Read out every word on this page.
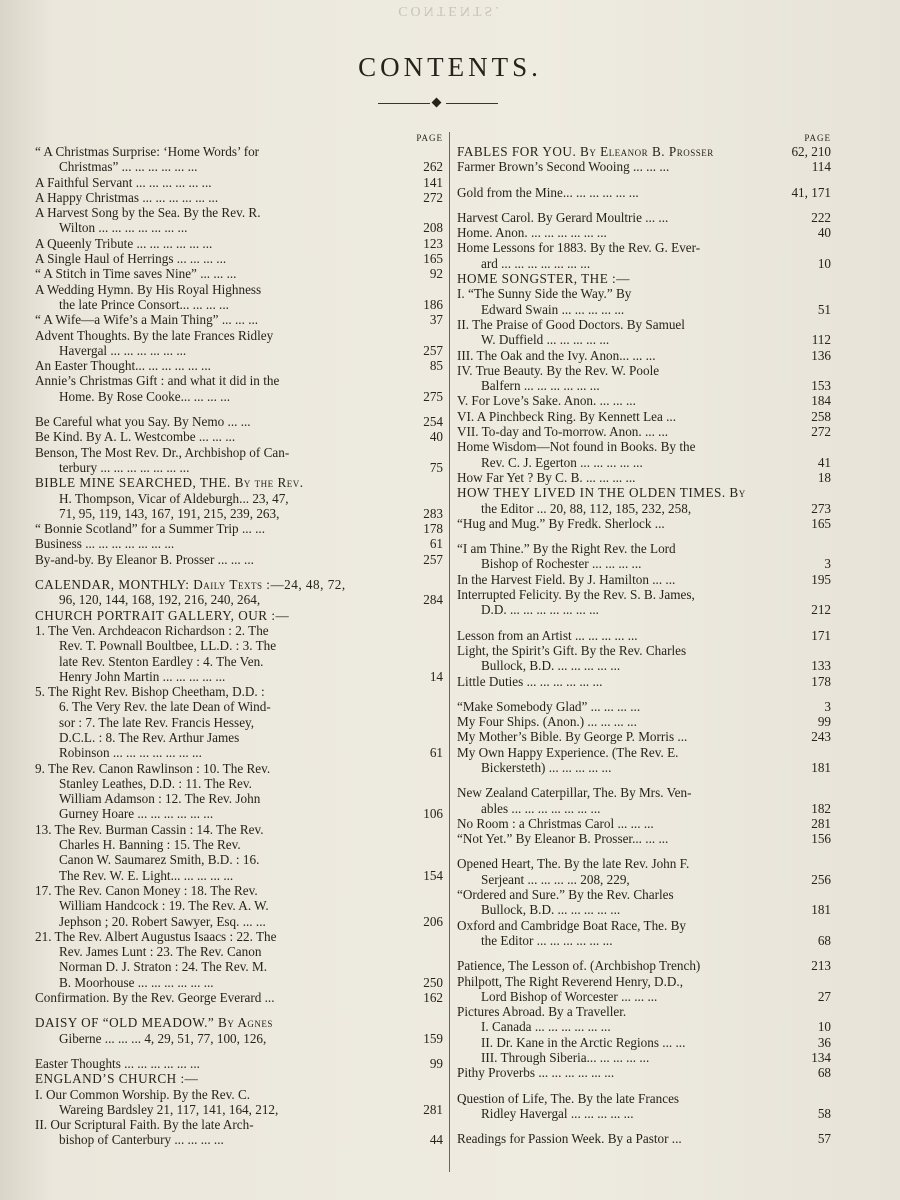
CONTENTS.
CONTENTS.
PAGE
“ A Christmas Surprise: ‘Home Words’ for
Christmas” ... ... ... ... ... ...	262
A Faithful Servant ... ... ... ... ... ...	141
A Happy Christmas ... ... ... ... ... ...	272
A Harvest Song by the Sea. By the Rev. R.
Wilton ... ... ... ... ... ... ...	208
A Queenly Tribute ... ... ... ... ... ...	123
A Single Haul of Herrings ... ... ... ...	165
“ A Stitch in Time saves Nine” ... ... ...	92
A Wedding Hymn. By His Royal Highness
the late Prince Consort... ... ... ...	186
“ A Wife—a Wife’s a Main Thing” ... ... ...	37
Advent Thoughts. By the late Frances Ridley
Havergal ... ... ... ... ... ...	257
An Easter Thought... ... ... ... ... ...	85
Annie’s Christmas Gift : and what it did in the
Home. By Rose Cooke... ... ... ...	275
Be Careful what you Say. By Nemo ... ...	254
Be Kind. By A. L. Westcombe ... ... ...	40
Benson, The Most Rev. Dr., Archbishop of Can-
terbury ... ... ... ... ... ... ...	75
BIBLE MINE SEARCHED, THE. By the Rev.
H. Thompson, Vicar of Aldeburgh... 23, 47,
71, 95, 119, 143, 167, 191, 215, 239, 263,	283
“ Bonnie Scotland” for a Summer Trip ... ...	178
Business ... ... ... ... ... ... ...	61
By-and-by. By Eleanor B. Prosser ... ... ...	257
CALENDAR, MONTHLY: Daily Texts :—24, 48, 72,
96, 120, 144, 168, 192, 216, 240, 264,	284
CHURCH PORTRAIT GALLERY, OUR :—
1. The Ven. Archdeacon Richardson : 2. The
Rev. T. Pownall Boultbee, LL.D. : 3. The
late Rev. Stenton Eardley : 4. The Ven.
Henry John Martin ... ... ... ... ...	14
5. The Right Rev. Bishop Cheetham, D.D. :
6. The Very Rev. the late Dean of Wind-
sor : 7. The late Rev. Francis Hessey,
D.C.L. : 8. The Rev. Arthur James
Robinson ... ... ... ... ... ... ...	61
9. The Rev. Canon Rawlinson : 10. The Rev.
Stanley Leathes, D.D. : 11. The Rev.
William Adamson : 12. The Rev. John
Gurney Hoare ... ... ... ... ... ...	106
13. The Rev. Burman Cassin : 14. The Rev.
Charles H. Banning : 15. The Rev.
Canon W. Saumarez Smith, B.D. : 16.
The Rev. W. E. Light... ... ... ... ...	154
17. The Rev. Canon Money : 18. The Rev.
William Handcock : 19. The Rev. A. W.
Jephson ; 20. Robert Sawyer, Esq. ... ...	206
21. The Rev. Albert Augustus Isaacs : 22. The
Rev. James Lunt : 23. The Rev. Canon
Norman D. J. Straton : 24. The Rev. M.
B. Moorhouse ... ... ... ... ... ...	250
Confirmation. By the Rev. George Everard ...	162
DAISY OF “OLD MEADOW.” By Agnes
Giberne ... ... ... 4, 29, 51, 77, 100, 126,	159
Easter Thoughts ... ... ... ... ... ...	99
ENGLAND’S CHURCH :—
I. Our Common Worship. By the Rev. C.
Wareing Bardsley 21, 117, 141, 164, 212,	281
II. Our Scriptural Faith. By the late Arch-
bishop of Canterbury ... ... ... ...	44
PAGE
FABLES FOR YOU. By Eleanor B. Prosser	62, 210
Farmer Brown’s Second Wooing ... ... ...	114
Gold from the Mine... ... ... ... ... ...	41, 171
Harvest Carol. By Gerard Moultrie ... ...	222
Home. Anon. ... ... ... ... ... ...	40
Home Lessons for 1883. By the Rev. G. Ever-
ard ... ... ... ... ... ... ...	10
HOME SONGSTER, THE :—
I. “The Sunny Side the Way.” By
Edward Swain ... ... ... ... ...	51
II. The Praise of Good Doctors. By Samuel
W. Duffield ... ... ... ... ...	112
III. The Oak and the Ivy. Anon... ... ...	136
IV. True Beauty. By the Rev. W. Poole
Balfern ... ... ... ... ... ...	153
V. For Love’s Sake. Anon. ... ... ...	184
VI. A Pinchbeck Ring. By Kennett Lea ...	258
VII. To-day and To-morrow. Anon. ... ...	272
Home Wisdom—Not found in Books. By the
Rev. C. J. Egerton ... ... ... ... ...	41
How Far Yet ? By C. B. ... ... ... ...	18
HOW THEY LIVED IN THE OLDEN TIMES. By
the Editor ... 20, 88, 112, 185, 232, 258,	273
“Hug and Mug.” By Fredk. Sherlock ...	165
“I am Thine.” By the Right Rev. the Lord
Bishop of Rochester ... ... ... ...	3
In the Harvest Field. By J. Hamilton ... ...	195
Interrupted Felicity. By the Rev. S. B. James,
D.D. ... ... ... ... ... ... ...	212
Lesson from an Artist ... ... ... ... ...	171
Light, the Spirit’s Gift. By the Rev. Charles
Bullock, B.D. ... ... ... ... ...	133
Little Duties ... ... ... ... ... ...	178
“Make Somebody Glad” ... ... ... ...	3
My Four Ships. (Anon.) ... ... ... ...	99
My Mother’s Bible. By George P. Morris ...	243
My Own Happy Experience. (The Rev. E.
Bickersteth) ... ... ... ... ...	181
New Zealand Caterpillar, The. By Mrs. Ven-
ables ... ... ... ... ... ... ...	182
No Room : a Christmas Carol ... ... ...	281
“Not Yet.” By Eleanor B. Prosser... ... ...	156
Opened Heart, The. By the late Rev. John F.
Serjeant ... ... ... ... 208, 229,	256
“Ordered and Sure.” By the Rev. Charles
Bullock, B.D. ... ... ... ... ...	181
Oxford and Cambridge Boat Race, The. By
the Editor ... ... ... ... ... ...	68
Patience, The Lesson of. (Archbishop Trench)	213
Philpott, The Right Reverend Henry, D.D.,
Lord Bishop of Worcester ... ... ...	27
Pictures Abroad. By a Traveller.
I. Canada ... ... ... ... ... ...	10
II. Dr. Kane in the Arctic Regions ... ...	36
III. Through Siberia... ... ... ... ...	134
Pithy Proverbs ... ... ... ... ... ...	68
Question of Life, The. By the late Frances
Ridley Havergal ... ... ... ... ...	58
Readings for Passion Week. By a Pastor ...	57
